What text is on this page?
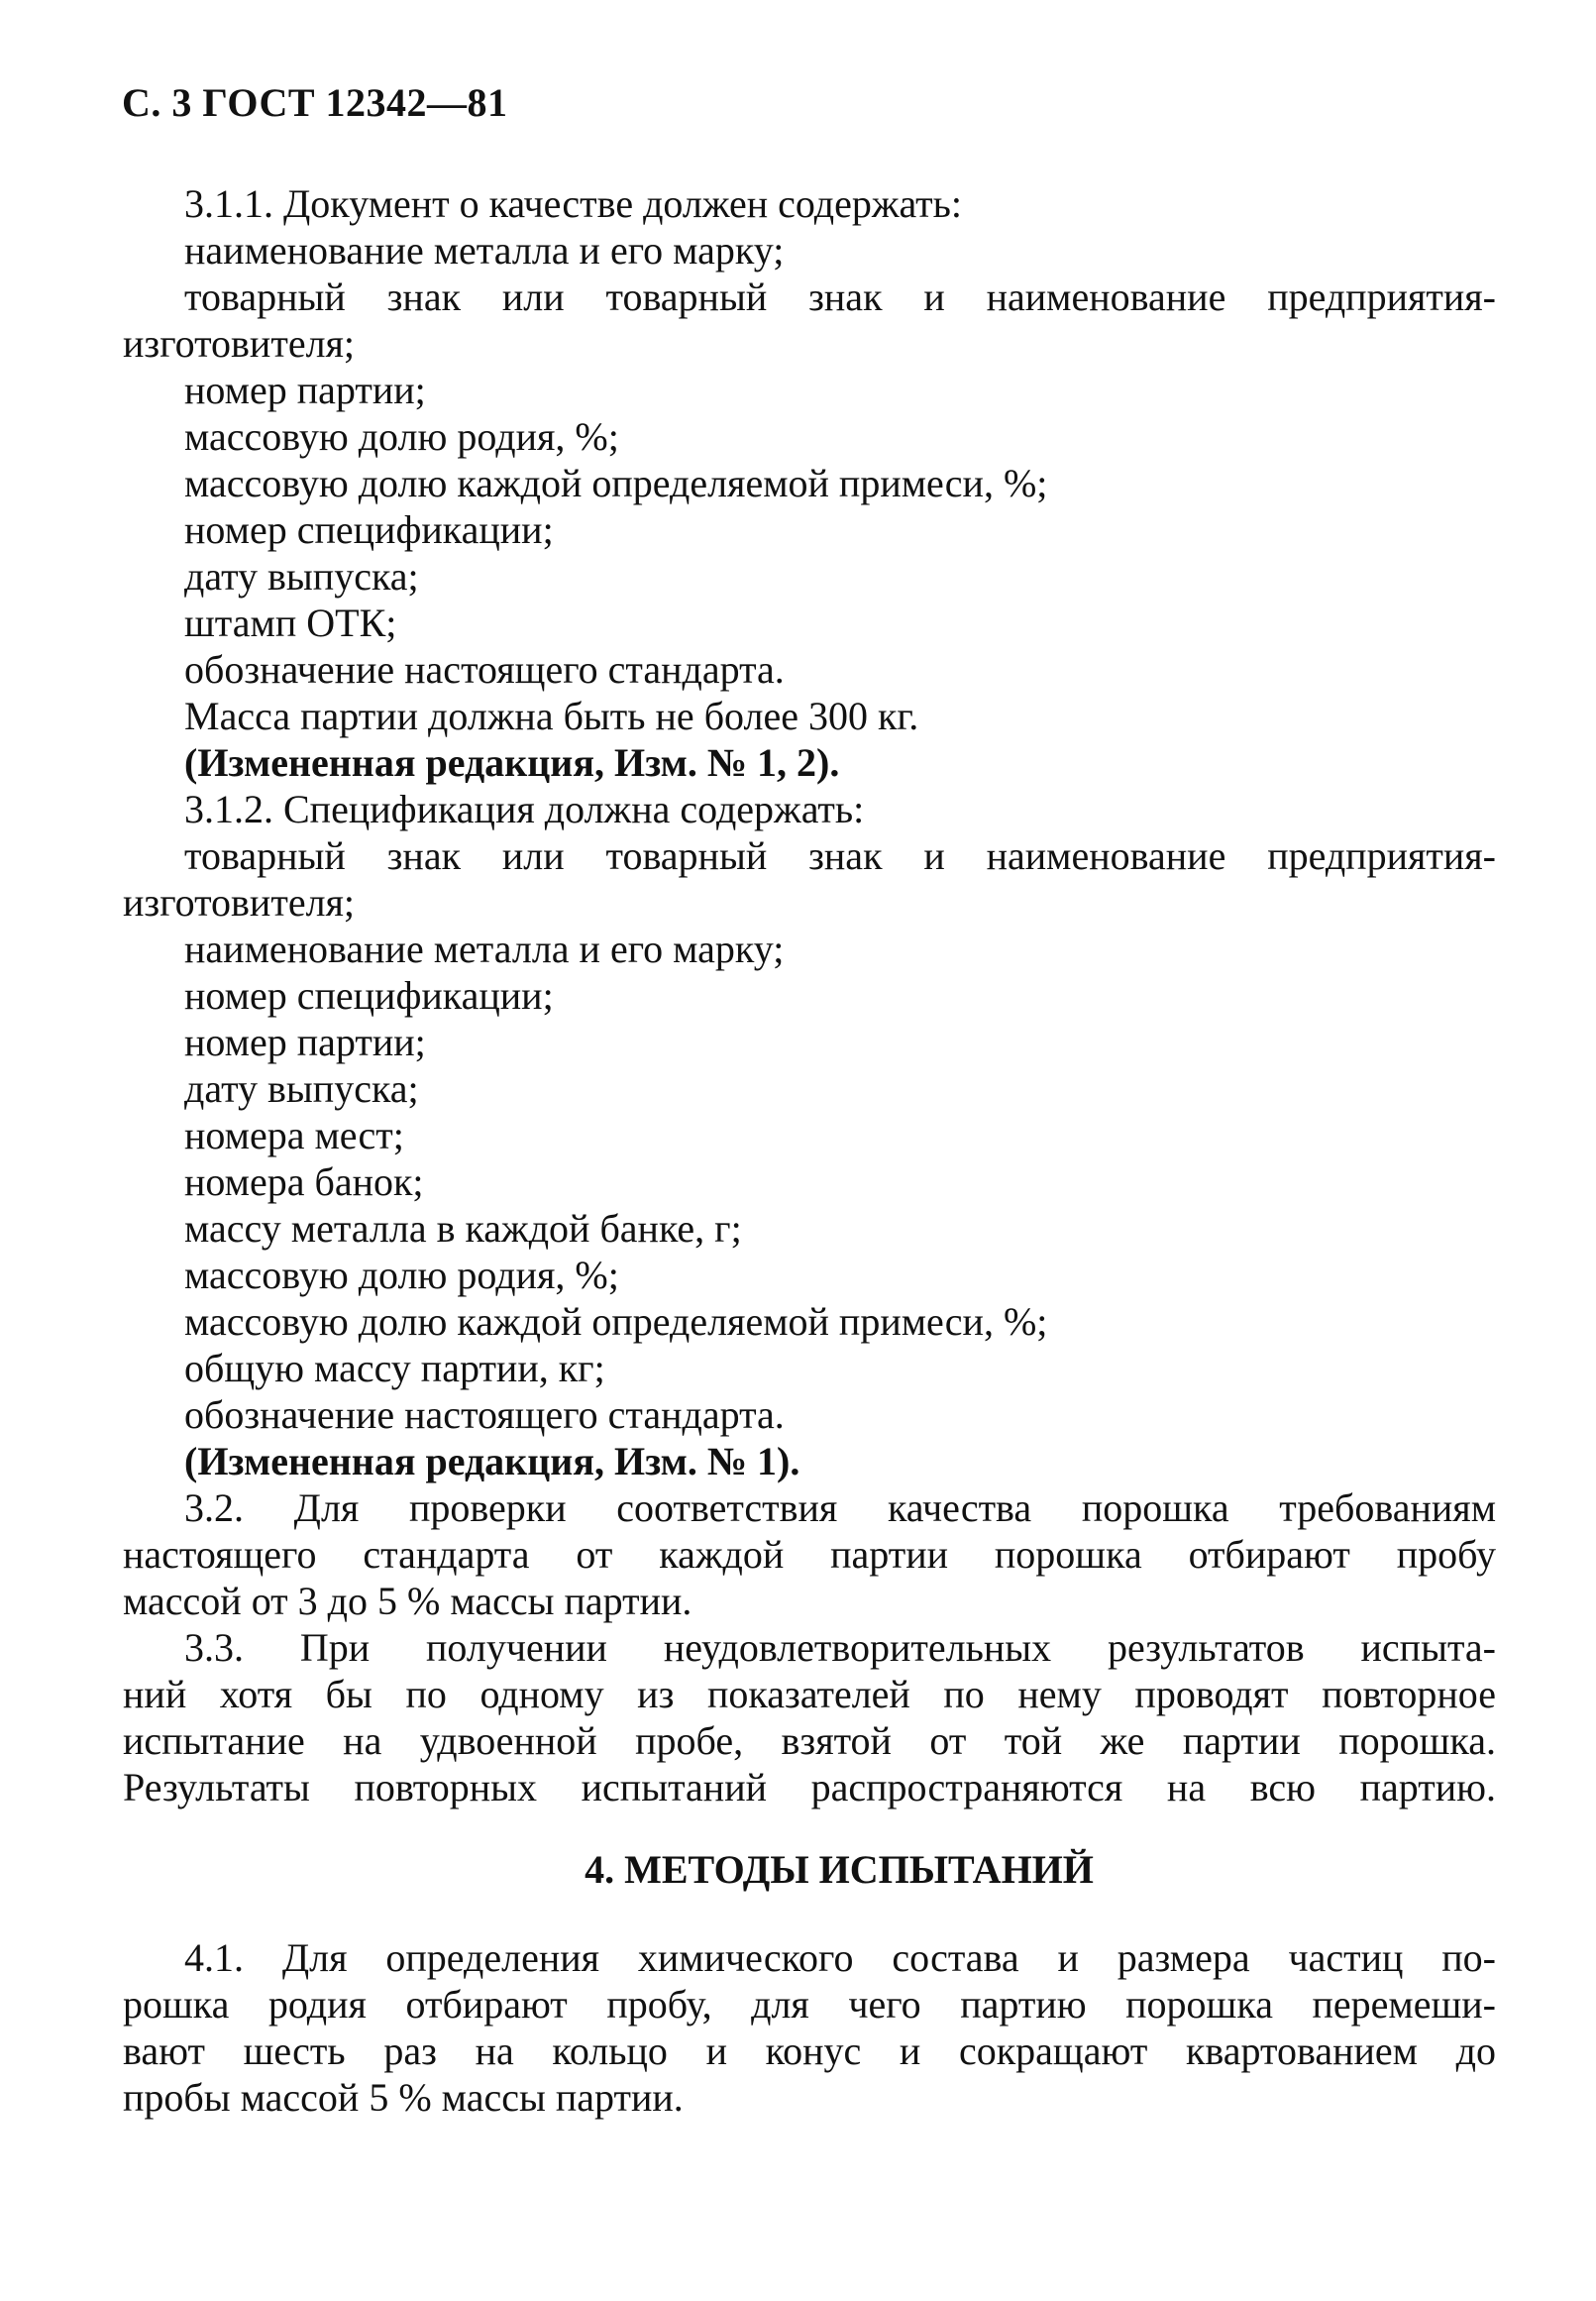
С. 3 ГОСТ 12342—81
3.1.1. Документ о качестве должен содержать:
наименование металла и его марку;
товарный знак или товарный знак и наименование предприятия-
изготовителя;
номер партии;
массовую долю родия, %;
массовую долю каждой определяемой примеси, %;
номер спецификации;
дату выпуска;
штамп ОТК;
обозначение настоящего стандарта.
Масса партии должна быть не более 300 кг.
(Измененная редакция, Изм. № 1, 2).
3.1.2. Спецификация должна содержать:
товарный знак или товарный знак и наименование предприятия-
изготовителя;
наименование металла и его марку;
номер спецификации;
номер партии;
дату выпуска;
номера мест;
номера банок;
массу металла в каждой банке, г;
массовую долю родия, %;
массовую долю каждой определяемой примеси, %;
общую массу партии, кг;
обозначение настоящего стандарта.
(Измененная редакция, Изм. № 1).
3.2. Для проверки соответствия качества порошка требованиям
настоящего стандарта от каждой партии порошка отбирают пробу
массой от 3 до 5 % массы партии.
3.3. При получении неудовлетворительных результатов испыта-
ний хотя бы по одному из показателей по нему проводят повторное
испытание на удвоенной пробе, взятой от той же партии порошка.
Результаты повторных испытаний распространяются на всю партию.
4. МЕТОДЫ ИСПЫТАНИЙ
4.1. Для определения химического состава и размера частиц по-
рошка родия отбирают пробу, для чего партию порошка перемеши-
вают шесть раз на кольцо и конус и сокращают квартованием до
пробы массой 5 % массы партии.
